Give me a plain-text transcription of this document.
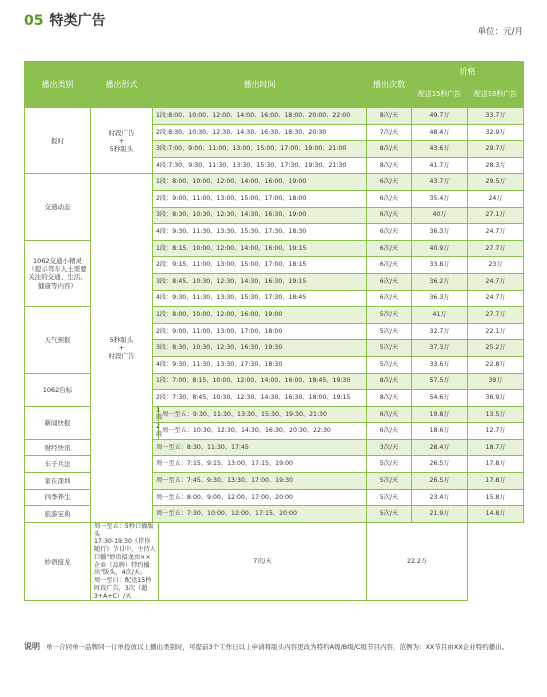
05 特类广告
单位：元/月
播出类别	播出形式	播出时间		播出次数	价格	
					配送15秒广告	配送10秒广告
报时	时段广告
+
5秒版头	1段:8:00、10:00、12:00、14:00、16:00、18:00、20:00、22:00		8次/天	49.7万	33.7万
		2段:8:30、10:30、12:30、14:30、16:30、18:30、20:30		7次/天	48.4万	32.9万
		3段:7:00、9:00、11:00、13:00、15:00、17:00、19:00、21:00		8次/天	43.6万	29.7万
		4段:7:30、9:30、11:30、13:30、15:30、17:30、19:30、21:30		8次/天	41.7万	28.3万
交通动态	5秒版头
+
时段广告	1段：8:00、10:00、12:00、14:00、16:00、19:00		6次/天	43.7万	29.5万
		2段：9:00、11:00、13:00、15:00、17:00、18:00		6次/天	35.4万	24万
		3段：8:30、10:30、12:30、14:30、16:30、19:00		6次/天	40万	27.1万
		4段：9:30、11:30、13:30、15:30、17:30、18:30		6次/天	36.3万	24.7万
1062交通小精灵（提示驾车人士需要关注的交通、生活、健康等内容）		1段：8:15、10:00、12:00、14:00、16:00、19:15		6次/天	40.9万	27.7万
		2段：9:15、11:00、13:00、15:00、17:00、18:15		6次/天	33.8万	23万
		3段：8:45、10:30、12:30、14:30、16:30、19:15		6次/天	36.2万	24.7万
		4段：9:30、11:30、13:30、15:30、17:30、18:45		6次/天	36.3万	24.7万
天气预报		1段：8:00、10:00、12:00、16:00、19:00		5次/天	41万	27.7万
		2段：9:00、11:00、13:00、17:00、18:00		5次/天	32.7万	22.1万
		3段：8:30、10:30、12:30、16:30、19:30		5次/天	37.3万	25.2万
		4段：9:30、11:30、13:30、17:30、18:30		5次/天	33.6万	22.8万
1062台标		1段：7:00、8:15、10:00、12:00、14:00、16:00、18:45、19:30		8次/天	57.5万	39万
		2段：7:30、8:45、10:30、12:30、14:30、16:30、18:00、19:15		8次/天	54.6万	36.9万
新闻快报		1段	周一至五：9:30、11:30、13:30、15:30、19:30、21:30	6次/天	19.8万	13.5万
		2段	周一至五：10:30、12:30、14:30、16:30、20:30、22:30	6次/天	18.6万	12.7万
财经快讯		周一至五：8:30、11:30、17:45		3次/天	28.4万	18.7万
车子兵法		周一至五：7:15、9:15、13:00、17:15、19:00		5次/天	26.5万	17.8万
家在深圳		周一至五：7:45、9:30、13:30、17:00、19:30		5次/天	26.5万	17.8万
四季养生		周一至五：8:00、9:00、12:00、17:00、20:00		5次/天	23.4万	15.8万
旅游宝典		周一至五：7:30、10:00、12:00、17:15、20:00		5次/天	21.9万	14.8万
妙语接龙	周一至五：5秒口播版头
17:30-19:30《伴你随行》节目中，主持人口播"妙语接龙由××企业（品牌）特约播出"版头，4次/天。
周一至日：配送15秒时段广告，3次（超3+A+C）/天		7次/天	22.2万		
说明 单一合同单一品牌同一订单投放以上播出类别时，可提前3个工作日以上申请将版头内容更改为特约A级/B级/C级节目内容，范例为：XX节目由XX企业特约播出。
